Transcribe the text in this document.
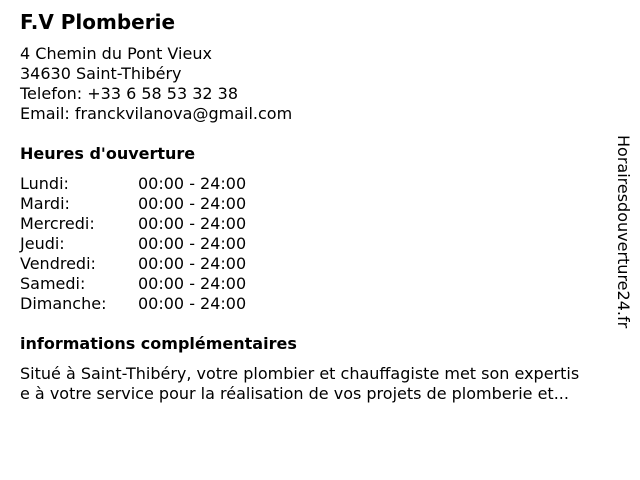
F.V Plomberie
4 Chemin du Pont Vieux
34630 Saint-Thibéry
Telefon: +33 6 58 53 32 38
Email: franckvilanova@gmail.com
Heures d'ouverture
Lundi:	00:00 - 24:00
Mardi:	00:00 - 24:00
Mercredi:	00:00 - 24:00
Jeudi:	00:00 - 24:00
Vendredi:	00:00 - 24:00
Samedi:	00:00 - 24:00
Dimanche:	00:00 - 24:00
informations complémentaires
Situé à Saint-Thibéry, votre plombier et chauffagiste met son expertis
e à votre service pour la réalisation de vos projets de plomberie et...
Horairesdouverture24.fr
